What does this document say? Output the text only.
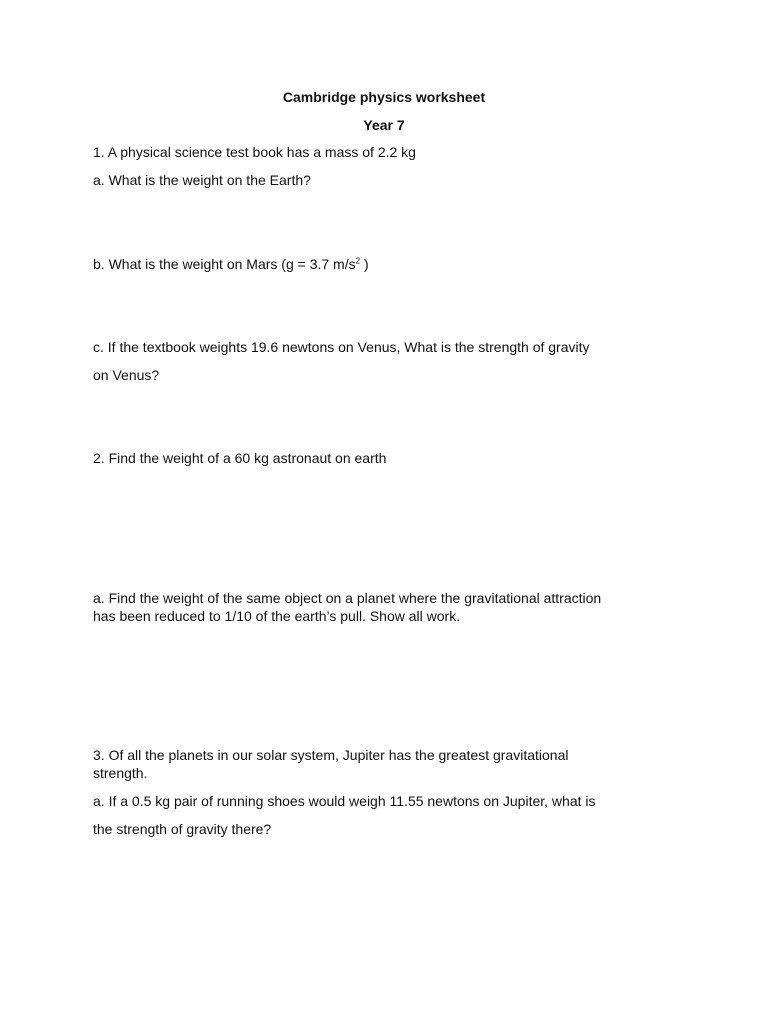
Cambridge physics worksheet
Year 7
1. A physical science test book has a mass of 2.2 kg
a. What is the weight on the Earth?
b. What is the weight on Mars (g = 3.7 $m/s^2$ )
c. If the textbook weights 19.6 newtons on Venus, What is the strength of gravity
on Venus?
2. Find the weight of a 60 kg astronaut on earth
a. Find the weight of the same object on a planet where the gravitational attraction
has been reduced to 1/10 of the earth’s pull. Show all work.
3. Of all the planets in our solar system, Jupiter has the greatest gravitational
strength.
a. If a 0.5 kg pair of running shoes would weigh 11.55 newtons on Jupiter, what is
the strength of gravity there?
